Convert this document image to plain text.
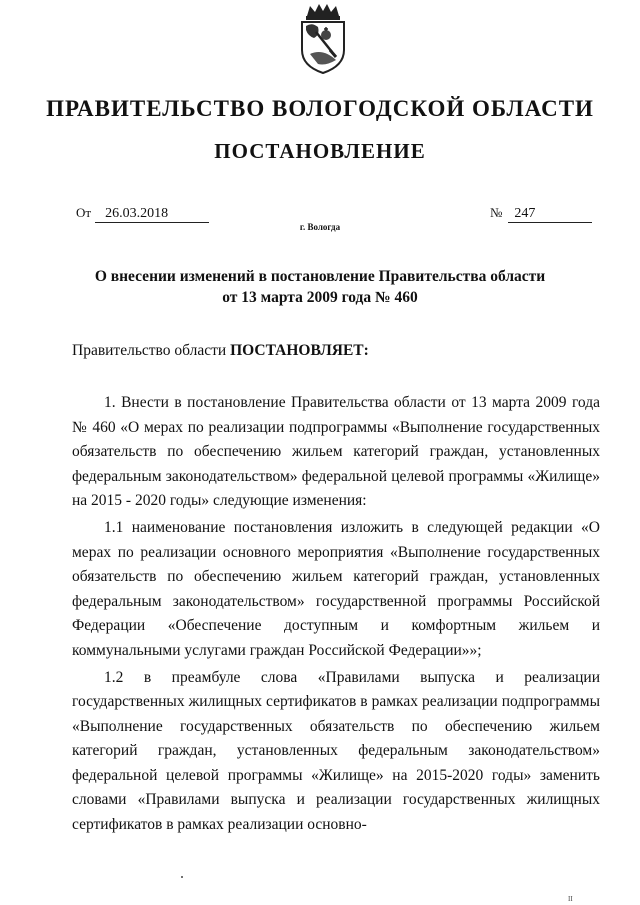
ПРАВИТЕЛЬСТВО ВОЛОГОДСКОЙ ОБЛАСТИ
ПОСТАНОВЛЕНИЕ
От 26.03.2018	№ 247
г. Вологда
О внесении изменений в постановление Правительства области
от 13 марта 2009 года № 460
Правительство области ПОСТАНОВЛЯЕТ:

1. Внести в постановление Правительства области от 13 марта 2009 года № 460 «О мерах по реализации подпрограммы «Выполнение государственных обязательств по обеспечению жильем категорий граждан, установленных федеральным законодательством» федеральной целевой программы «Жилище» на 2015 - 2020 годы» следующие изменения:

1.1 наименование постановления изложить в следующей редакции «О мерах по реализации основного мероприятия «Выполнение государственных обязательств по обеспечению жильем категорий граждан, установленных федеральным законодательством» государственной программы Российской Федерации «Обеспечение доступным и комфортным жильем и коммунальными услугами граждан Российской Федерации»»;

1.2 в преамбуле слова «Правилами выпуска и реализации государственных жилищных сертификатов в рамках реализации подпрограммы «Выполнение государственных обязательств по обеспечению жильем категорий граждан, установленных федеральным законодательством» федеральной целевой программы «Жилище» на 2015-2020 годы» заменить словами «Правилами выпуска и реализации государственных жилищных сертификатов в рамках реализации основно-

II
